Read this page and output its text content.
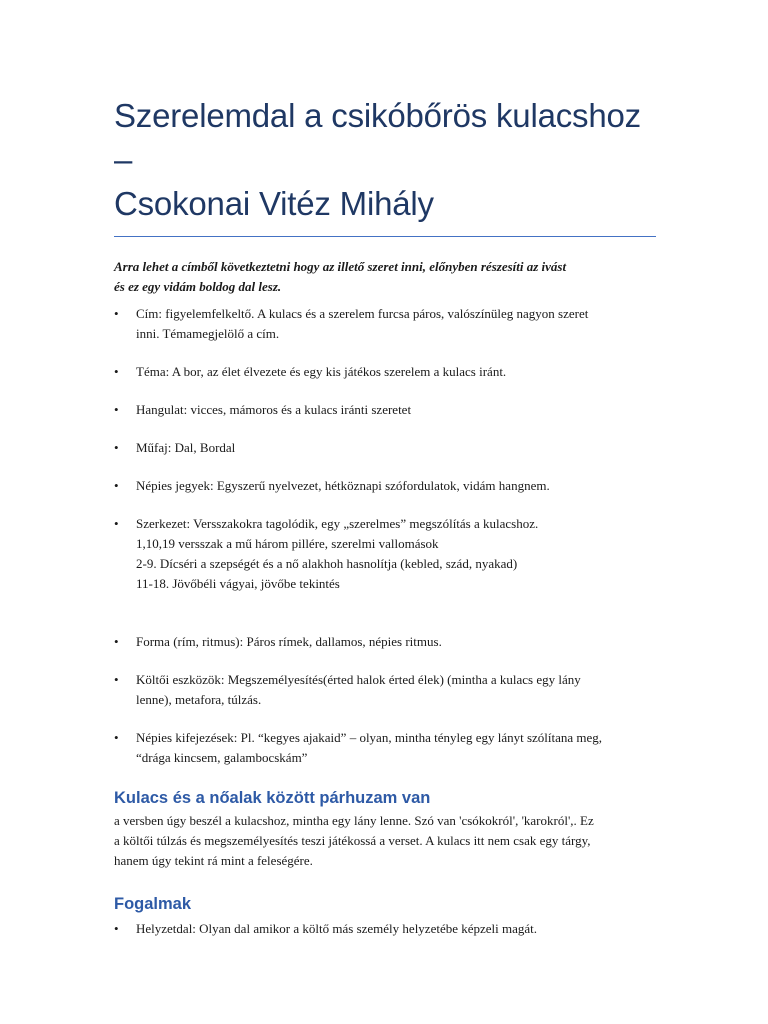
Szerelemdal a csikóbőrös kulacshoz –
Csokonai Vitéz Mihály

Arra lehet a címből következtetni hogy az illető szeret inni, előnyben részesíti az ivást
és ez egy vidám boldog dal lesz.

• Cím: figyelemfelkeltő. A kulacs és a szerelem furcsa páros, valószínüleg nagyon szeret
inni. Témamegjelölő a cím.
• Téma: A bor, az élet élvezete és egy kis játékos szerelem a kulacs iránt.
• Hangulat: vicces, mámoros és a kulacs iránti szeretet
• Műfaj: Dal, Bordal
• Népies jegyek: Egyszerű nyelvezet, hétköznapi szófordulatok, vidám hangnem.
• Szerkezet: Versszakokra tagolódik, egy „szerelmes” megszólítás a kulacshoz.
1,10,19 versszak a mű három pillére, szerelmi vallomások
2-9. Dícséri a szepségét és a nő alakhoh hasnolítja (kebled, szád, nyakad)
11-18. Jövőbéli vágyai, jövőbe tekintés
• Forma (rím, ritmus): Páros rímek, dallamos, népies ritmus.
• Költői eszközök: Megszemélyesítés(érted halok érted élek) (mintha a kulacs egy lány
lenne), metafora, túlzás.
• Népies kifejezések: Pl. “kegyes ajakaid” – olyan, mintha tényleg egy lányt szólítana meg,
“drága kincsem, galambocskám”
Kulacs és a nőalak között párhuzam van

a versben úgy beszél a kulacshoz, mintha egy lány lenne. Szó van 'csókokról', 'karokról',. Ez
a költői túlzás és megszemélyesítés teszi játékossá a verset. A kulacs itt nem csak egy tárgy,
hanem úgy tekint rá mint a feleségére.

Fogalmak
• Helyzetdal: Olyan dal amikor a költő más személy helyzetébe képzeli magát.
